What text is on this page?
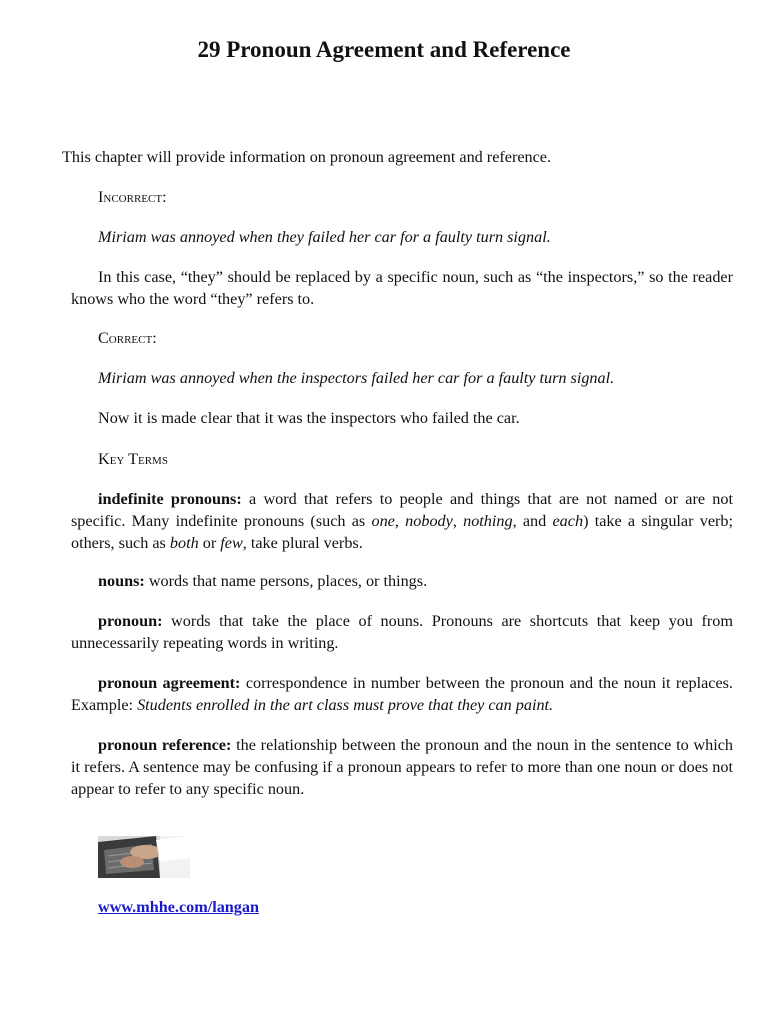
29 Pronoun Agreement and Reference

This chapter will provide information on pronoun agreement and reference.

Incorrect:

Miriam was annoyed when they failed her car for a faulty turn signal.

In this case, “they” should be replaced by a specific noun, such as “the inspectors,” so the reader knows who the word “they” refers to.

Correct:

Miriam was annoyed when the inspectors failed her car for a faulty turn signal.

Now it is made clear that it was the inspectors who failed the car.

Key Terms

indefinite pronouns: a word that refers to people and things that are not named or are not specific. Many indefinite pronouns (such as one, nobody, nothing, and each) take a singular verb; others, such as both or few, take plural verbs.

nouns: words that name persons, places, or things.

pronoun: words that take the place of nouns. Pronouns are shortcuts that keep you from unnecessarily repeating words in writing.

pronoun agreement: correspondence in number between the pronoun and the noun it replaces. Example: Students enrolled in the art class must prove that they can paint.

pronoun reference: the relationship between the pronoun and the noun in the sentence to which it refers. A sentence may be confusing if a pronoun appears to refer to more than one noun or does not appear to refer to any specific noun.

www.mhhe.com/langan
